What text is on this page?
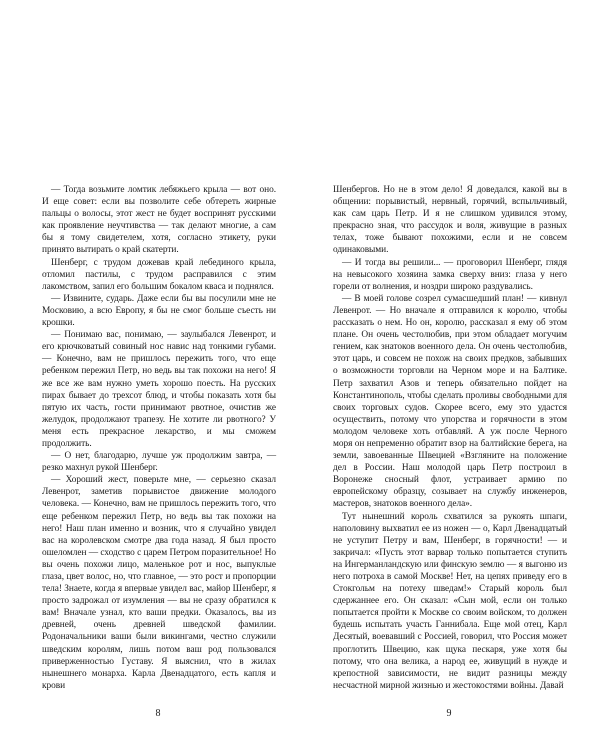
— Тогда возьмите ломтик лебяжьего крыла — вот оно. И еще совет: если вы позволите себе обтереть жирные пальцы о волосы, этот жест не будет воспринят русскими как проявление неучтивства — так делают многие, а сам бы я тому свидетелем, хотя, согласно этикету, руки принято вытирать о край скатерти.

Шенберг, с трудом дожевав край лебединого крыла, отломил пастилы, с трудом расправился с этим лакомством, запил его большим бокалом кваса и поднялся.

— Извините, сударь. Даже если бы вы посулили мне не Московию, а всю Европу, я бы не смог больше съесть ни крошки.

— Понимаю вас, понимаю, — заулыбался Левенрот, и его крючковатый совиный нос навис над тонкими губами. — Конечно, вам не пришлось пережить того, что еще ребенком пережил Петр, но ведь вы так похожи на него! Я же все же вам нужно уметь хорошо поесть. На русских пирах бывает до трехсот блюд, и чтобы показать хотя бы пятую их часть, гости принимают рвотное, очистив же желудок, продолжают трапезу. Не хотите ли рвотного? У меня есть прекрасное лекарство, и мы сможем продолжить.

— О нет, благодарю, лучше уж продолжим завтра, — резко махнул рукой Шенберг.

— Хороший жест, поверьте мне, — серьезно сказал Левенрот, заметив порывистое движение молодого человека. — Конечно, вам не пришлось пережить того, что еще ребенком пережил Петр, но ведь вы так похожи на него! Наш план именно и возник, что я случайно увидел вас на королевском смотре два года назад. Я был просто ошеломлен — сходство с царем Петром поразительное! Но вы очень похожи лицо, маленькое рот и нос, выпуклые глаза, цвет волос, но, что главное, — это рост и пропорции тела! Знаете, когда я впервые увидел вас, майор Шенберг, я просто задрожал от изумления — вы не сразу обратился к вам! Вначале узнал, кто ваши предки. Оказалось, вы из древней, очень древней шведской фамилии. Родоначальники ваши были викингами, честно служили шведским королям, лишь потом ваш род пользовался приверженностью Густаву. Я выяснил, что в жилах нынешнего монарха. Карла Двенадцатого, есть капля и крови

8

Шенбергов. Но не в этом дело! Я доведался, какой вы в общении: порывистый, нервный, горячий, вспыльчивый, как сам царь Петр. И я не слишком удивился этому, прекрасно зная, что рассудок и воля, живущие в разных телах, тоже бывают похожими, если и не совсем одинаковыми.

— И тогда вы решили... — проговорил Шенберг, глядя на невысокого хозяина замка сверху вниз: глаза у него горели от волнения, и ноздри широко раздувались.

— В моей голове созрел сумасшедший план! — кивнул Левенрот. — Но вначале я отправился к королю, чтобы рассказать о нем. Но он, королю, рассказал я ему об этом плане. Он очень честолюбив, при этом обладает могучим гением, как знатоков военного дела. Он очень честолюбив, этот царь, и совсем не похож на своих предков, забывших о возможности торговли на Черном море и на Балтике. Петр захватил Азов и теперь обязательно пойдет на Константинополь, чтобы сделать проливы свободными для своих торговых судов. Скорее всего, ему это удастся осуществить, потому что упорства и горячности в этом молодом человеке хоть отбавляй. А уж после Черного моря он непременно обратит взор на балтийские берега, на земли, завоеванные Швецией «Взгляните на положение дел в России. Наш молодой царь Петр построил в Воронеже сносный флот, устраивает армию по европейскому образцу, созывает на службу инженеров, мастеров, знатоков военного дела».

Тут нынешний король схватился за рукоять шпаги, наполовину выхватил ее из ножен — о, Карл Двенадцатый не уступит Петру и вам, Шенберг, в горячности! — и закричал: «Пусть этот варвар только попытается ступить на Ингерманландскую или финскую землю — я выгоню из него потроха в самой Москве! Нет, на цепях приведу его в Стокгольм на потеху шведам!» Старый король был сдержаннее его. Он сказал: «Сын мой, если он только попытается пройти к Москве со своим войском, то должен будешь испытать участь Ганнибала. Еще мой отец, Карл Десятый, воевавший с Россией, говорил, что Россия может проглотить Швецию, как щука пескаря, уже хотя бы потому, что она велика, а народ ее, живущий в нужде и крепостной зависимости, не видит разницы между несчастной мирной жизнью и жестокостями войны. Давай

9
